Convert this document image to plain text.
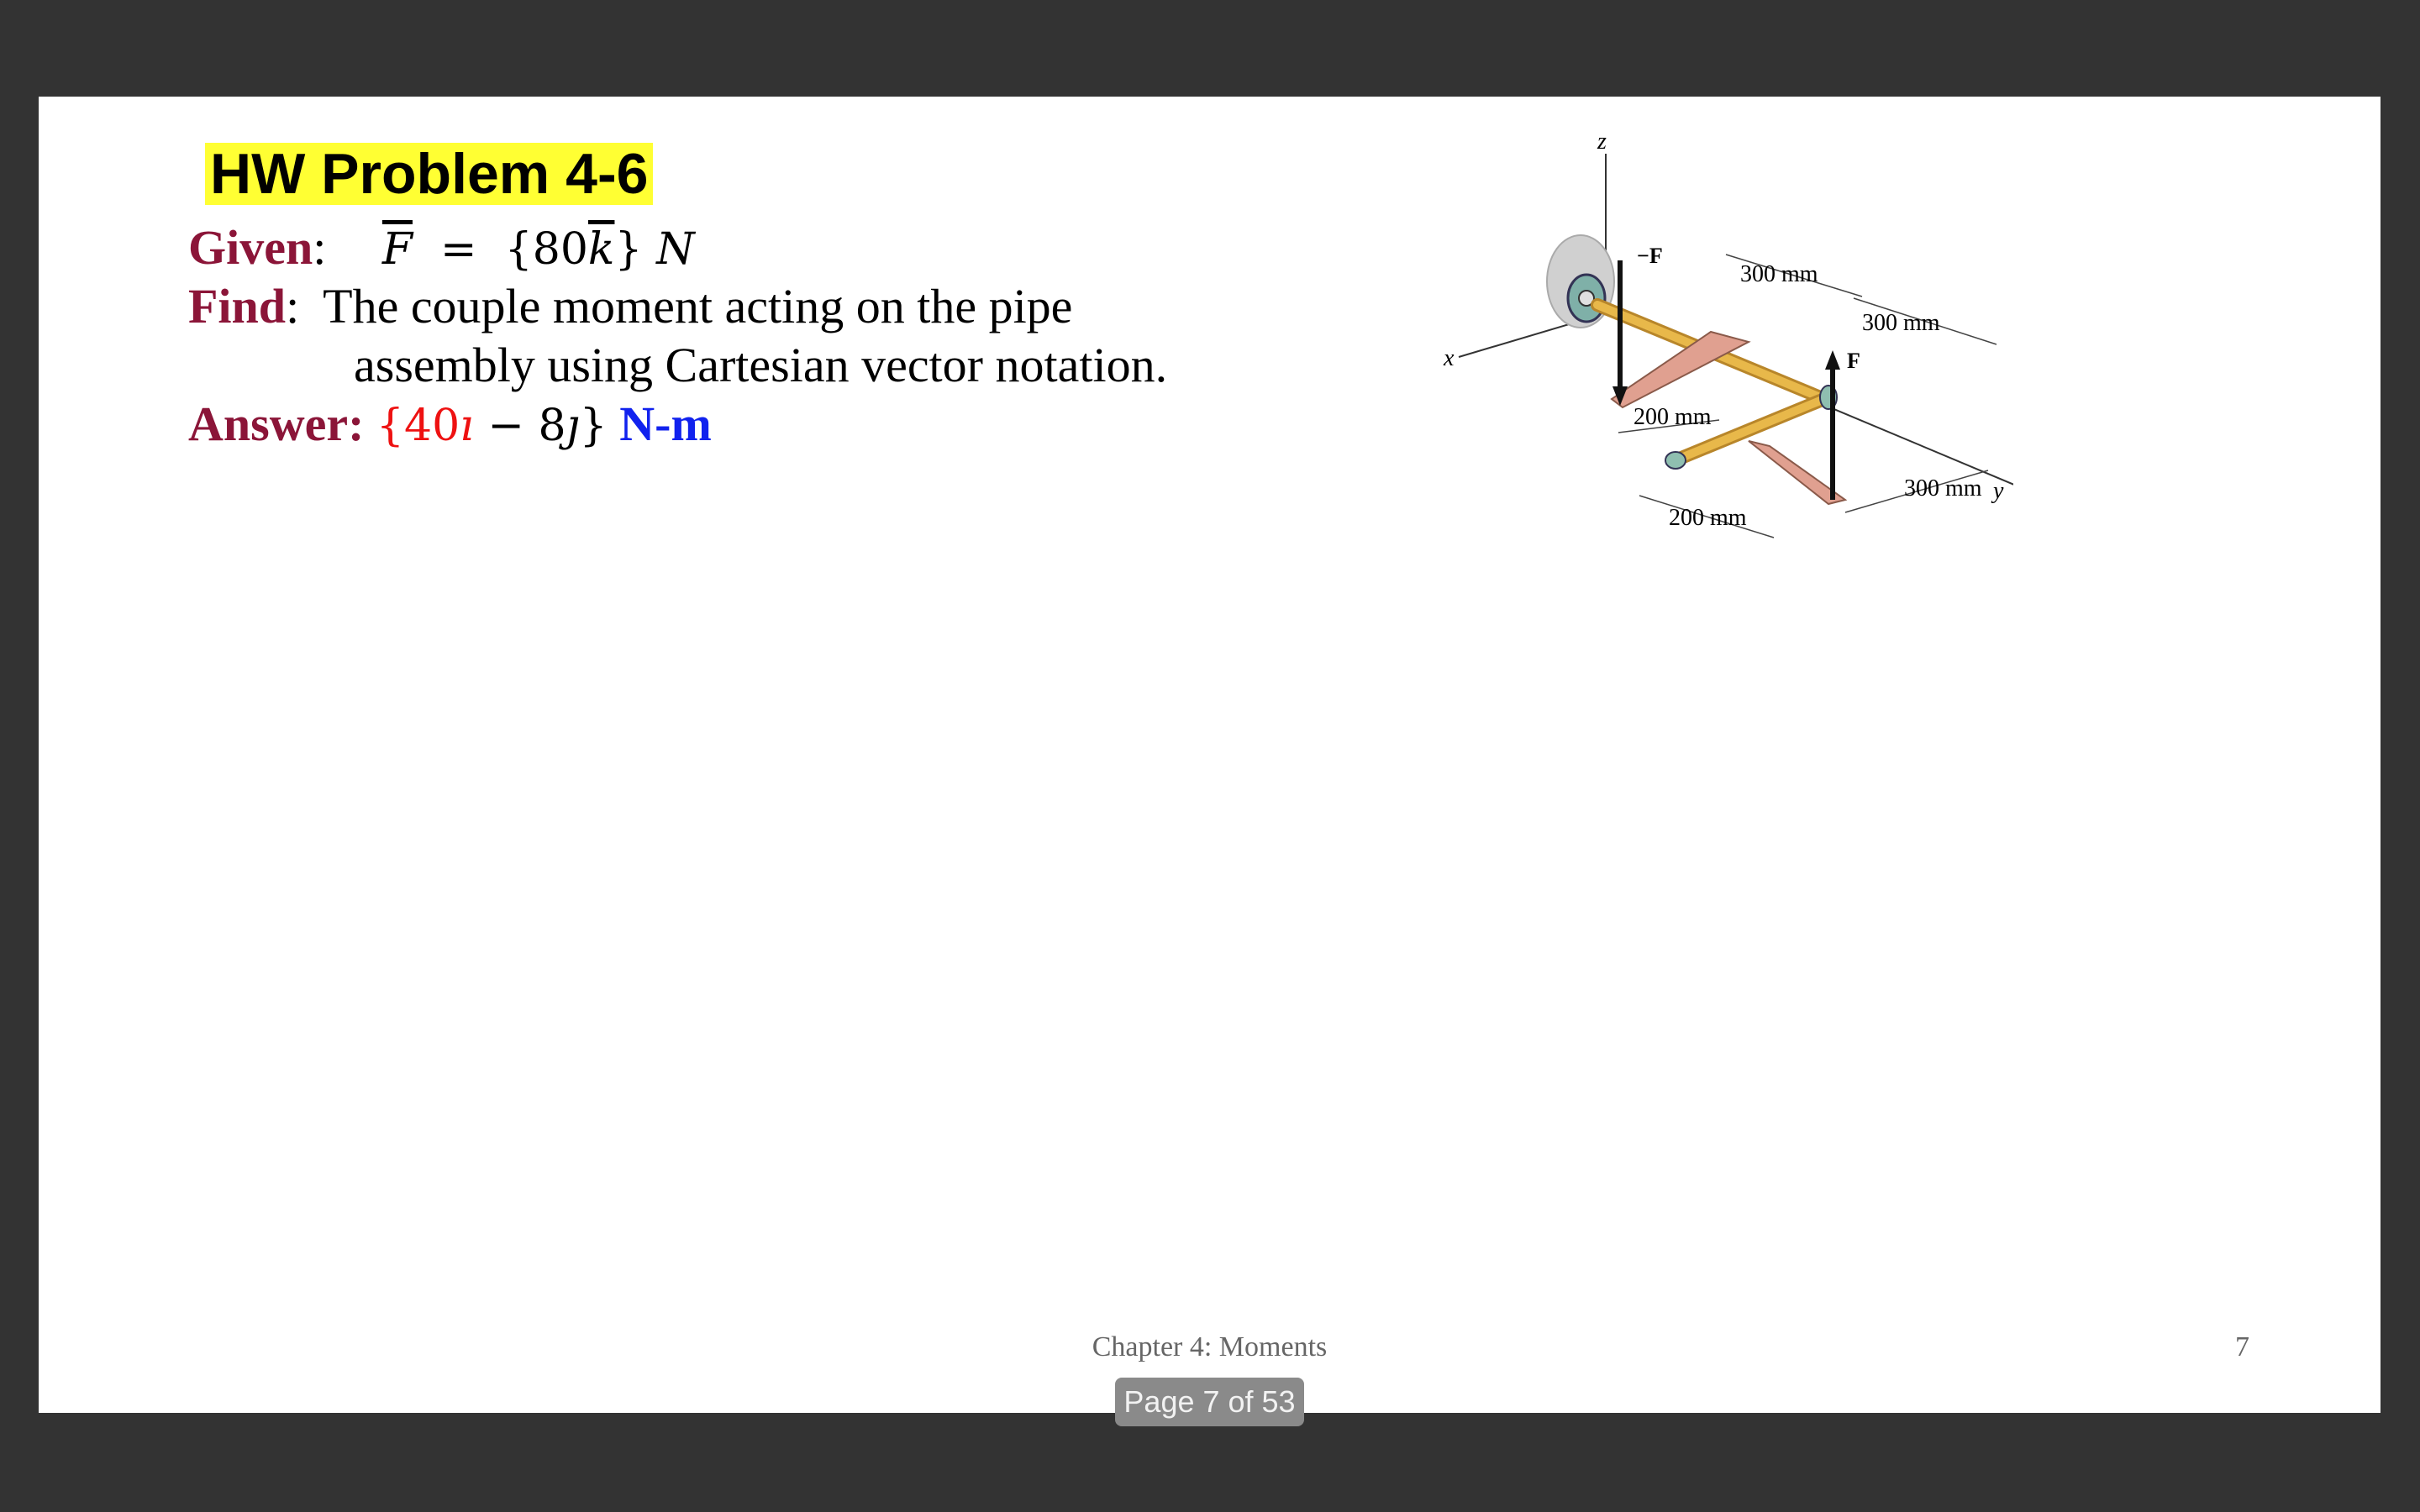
HW Problem 4-6
Given: $\overline{F} = \{80\overline{k}\}$ N
Find: The couple moment acting on the pipe
assembly using Cartesian vector notation.
Answer: {40ı − 8ȷ} N-m
z
x
y
−F
F
300 mm
300 mm
200 mm
200 mm
300 mm
Chapter 4: Moments	7
Page 7 of 53
